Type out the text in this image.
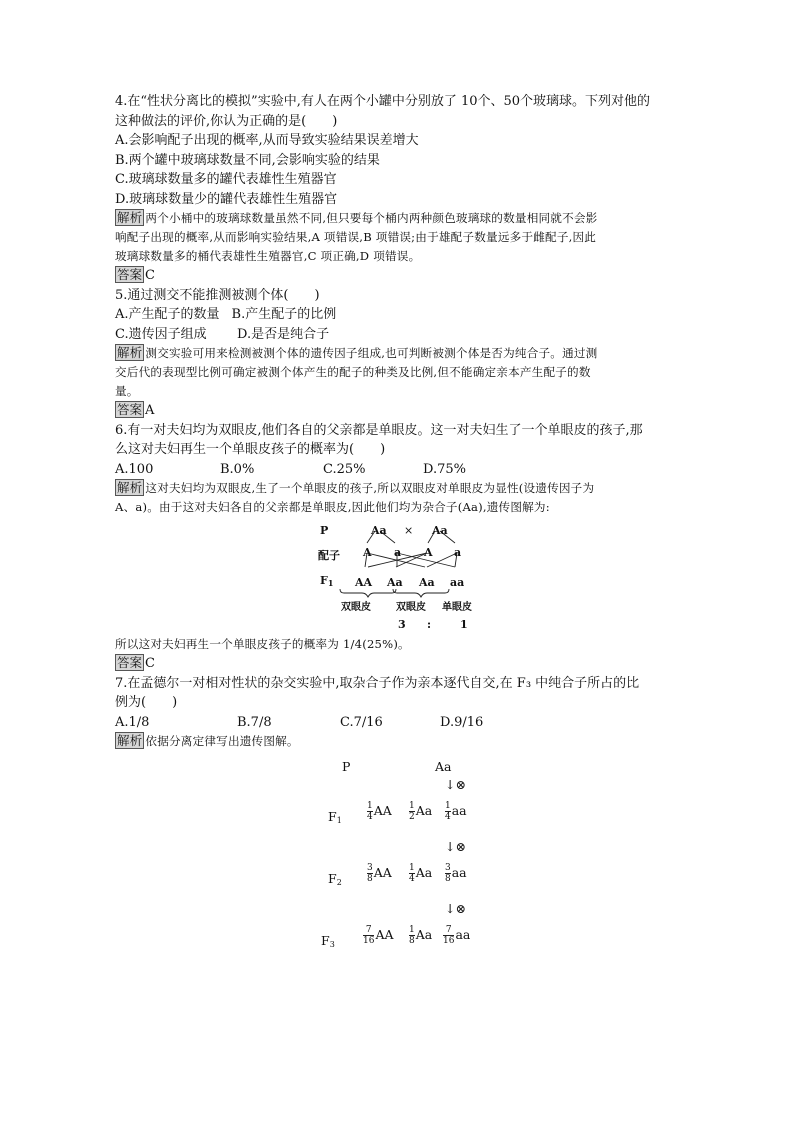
4.在“性状分离比的模拟”实验中,有人在两个小罐中分别放了 10个、50个玻璃球。下列对他的
这种做法的评价,你认为正确的是(　　)
A.会影响配子出现的概率,从而导致实验结果误差增大
B.两个罐中玻璃球数量不同,会影响实验的结果
C.玻璃球数量多的罐代表雄性生殖器官
D.玻璃球数量少的罐代表雄性生殖器官
解析 两个小桶中的玻璃球数量虽然不同,但只要每个桶内两种颜色玻璃球的数量相同就不会影
响配子出现的概率,从而影响实验结果,A 项错误,B 项错误;由于雄配子数量远多于雌配子,因此
玻璃球数量多的桶代表雄性生殖器官,C 项正确,D 项错误。
答案 C
5.通过测交不能推测被测个体(　　)
A.产生配子的数量 B.产生配子的比例
C.遗传因子组成 D.是否是纯合子
解析 测交实验可用来检测被测个体的遗传因子组成,也可判断被测个体是否为纯合子。通过测
交后代的表现型比例可确定被测个体产生的配子的种类及比例,但不能确定亲本产生配子的数
量。
答案 A
6.有一对夫妇均为双眼皮,他们各自的父亲都是单眼皮。这一对夫妇生了一个单眼皮的孩子,那
么这对夫妇再生一个单眼皮孩子的概率为(　　)
A.100	B.0%	C.25%	D.75%
解析 这对夫妇均为双眼皮,生了一个单眼皮的孩子,所以双眼皮对单眼皮为显性(设遗传因子为
A、a)。由于这对夫妇各自的父亲都是单眼皮,因此他们均为杂合子(Aa),遗传图解为:
P	Aa × Aa
配子 A a A a
$F_1$ AA Aa Aa aa
双眼皮	双眼皮 单眼皮
3 :	1
所以这对夫妇再生一个单眼皮孩子的概率为 1/4(25%)。
答案 C
7.在孟德尔一对相对性状的杂交实验中,取杂合子作为亲本逐代自交,在 F₃ 中纯合子所占的比
例为(　　)
A.1/8	B.7/8	C.7/16	D.9/16
解析 依据分离定律写出遗传图解。
P	Aa
↓⊗
$F_1$	$\frac{1}{4}$ AA $\frac{1}{2}$ Aa $\frac{1}{4}$ aa
↓⊗
$F_2$	$\frac{3}{8}$ AA $\frac{1}{4}$ Aa $\frac{3}{8}$ aa
↓⊗
$F_3$	$\frac{7}{16}$ AA $\frac{1}{8}$ Aa $\frac{7}{16}$ aa
